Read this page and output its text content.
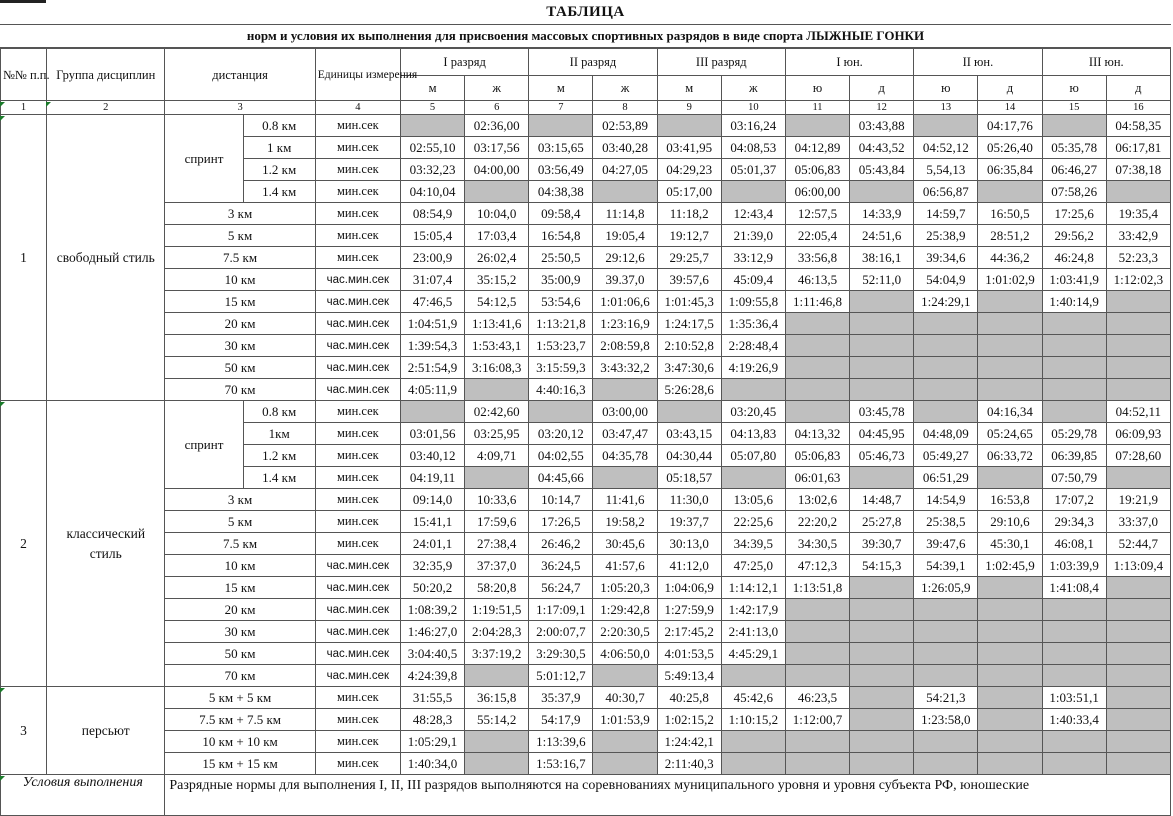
ТАБЛИЦА
норм и условия их выполнения для присвоения массовых спортивных разрядов в виде спорта ЛЫЖНЫЕ ГОНКИ
№№ п.п.	Группа дисциплин	дистанция		Единицы измерения	I разряд		II разряд		III разряд		I юн.		II юн.		III юн.	
					м	ж	м	ж	м	ж	ю	д	ю	д	ю	д
1	2	3		4	5	6	7	8	9	10	11	12	13	14	15	16
1	свободный стиль	спринт	0.8 км	мин.сек		02:36,00		02:53,89		03:16,24		03:43,88		04:17,76		04:58,35
			1 км	мин.сек	02:55,10	03:17,56	03:15,65	03:40,28	03:41,95	04:08,53	04:12,89	04:43,52	04:52,12	05:26,40	05:35,78	06:17,81
			1.2 км	мин.сек	03:32,23	04:00,00	03:56,49	04:27,05	04:29,23	05:01,37	05:06,83	05:43,84	5,54,13	06:35,84	06:46,27	07:38,18
			1.4 км	мин.сек	04:10,04		04:38,38		05:17,00		06:00,00		06:56,87		07:58,26	
		3 км		мин.сек	08:54,9	10:04,0	09:58,4	11:14,8	11:18,2	12:43,4	12:57,5	14:33,9	14:59,7	16:50,5	17:25,6	19:35,4
		5 км		мин.сек	15:05,4	17:03,4	16:54,8	19:05,4	19:12,7	21:39,0	22:05,4	24:51,6	25:38,9	28:51,2	29:56,2	33:42,9
		7.5 км		мин.сек	23:00,9	26:02,4	25:50,5	29:12,6	29:25,7	33:12,9	33:56,8	38:16,1	39:34,6	44:36,2	46:24,8	52:23,3
		10 км		час.мин.сек	31:07,4	35:15,2	35:00,9	39.37,0	39:57,6	45:09,4	46:13,5	52:11,0	54:04,9	1:01:02,9	1:03:41,9	1:12:02,3
		15 км		час.мин.сек	47:46,5	54:12,5	53:54,6	1:01:06,6	1:01:45,3	1:09:55,8	1:11:46,8		1:24:29,1		1:40:14,9	
		20 км		час.мин.сек	1:04:51,9	1:13:41,6	1:13:21,8	1:23:16,9	1:24:17,5	1:35:36,4						
		30 км		час.мин.сек	1:39:54,3	1:53:43,1	1:53:23,7	2:08:59,8	2:10:52,8	2:28:48,4						
		50 км		час.мин.сек	2:51:54,9	3:16:08,3	3:15:59,3	3:43:32,2	3:47:30,6	4:19:26,9						
		70 км		час.мин.сек	4:05:11,9		4:40:16,3		5:26:28,6							
2	классический стиль	спринт	0.8 км	мин.сек		02:42,60		03:00,00		03:20,45		03:45,78		04:16,34		04:52,11
			1км	мин.сек	03:01,56	03:25,95	03:20,12	03:47,47	03:43,15	04:13,83	04:13,32	04:45,95	04:48,09	05:24,65	05:29,78	06:09,93
			1.2 км	мин.сек	03:40,12	4:09,71	04:02,55	04:35,78	04:30,44	05:07,80	05:06,83	05:46,73	05:49,27	06:33,72	06:39,85	07:28,60
			1.4 км	мин.сек	04:19,11		04:45,66		05:18,57		06:01,63		06:51,29		07:50,79	
		3 км		мин.сек	09:14,0	10:33,6	10:14,7	11:41,6	11:30,0	13:05,6	13:02,6	14:48,7	14:54,9	16:53,8	17:07,2	19:21,9
		5 км		мин.сек	15:41,1	17:59,6	17:26,5	19:58,2	19:37,7	22:25,6	22:20,2	25:27,8	25:38,5	29:10,6	29:34,3	33:37,0
		7.5 км		мин.сек	24:01,1	27:38,4	26:46,2	30:45,6	30:13,0	34:39,5	34:30,5	39:30,7	39:47,6	45:30,1	46:08,1	52:44,7
		10 км		час.мин.сек	32:35,9	37:37,0	36:24,5	41:57,6	41:12,0	47:25,0	47:12,3	54:15,3	54:39,1	1:02:45,9	1:03:39,9	1:13:09,4
		15 км		час.мин.сек	50:20,2	58:20,8	56:24,7	1:05:20,3	1:04:06,9	1:14:12,1	1:13:51,8		1:26:05,9		1:41:08,4	
		20 км		час.мин.сек	1:08:39,2	1:19:51,5	1:17:09,1	1:29:42,8	1:27:59,9	1:42:17,9						
		30 км		час.мин.сек	1:46:27,0	2:04:28,3	2:00:07,7	2:20:30,5	2:17:45,2	2:41:13,0						
		50 км		час.мин.сек	3:04:40,5	3:37:19,2	3:29:30,5	4:06:50,0	4:01:53,5	4:45:29,1						
		70 км		час.мин.сек	4:24:39,8		5:01:12,7		5:49:13,4							
3	персьют	5 км + 5 км		мин.сек	31:55,5	36:15,8	35:37,9	40:30,7	40:25,8	45:42,6	46:23,5		54:21,3		1:03:51,1	
		7.5 км + 7.5 км		мин.сек	48:28,3	55:14,2	54:17,9	1:01:53,9	1:02:15,2	1:10:15,2	1:12:00,7		1:23:58,0		1:40:33,4	
		10 км + 10 км		мин.сек	1:05:29,1		1:13:39,6		1:24:42,1							
		15 км + 15 км		мин.сек	1:40:34,0		1:53:16,7		2:11:40,3							
Условия выполнения		Разрядные нормы для выполнения I, II, III разрядов выполняются на соревнованиях муниципального уровня и уровня субъекта РФ, юношеские														
